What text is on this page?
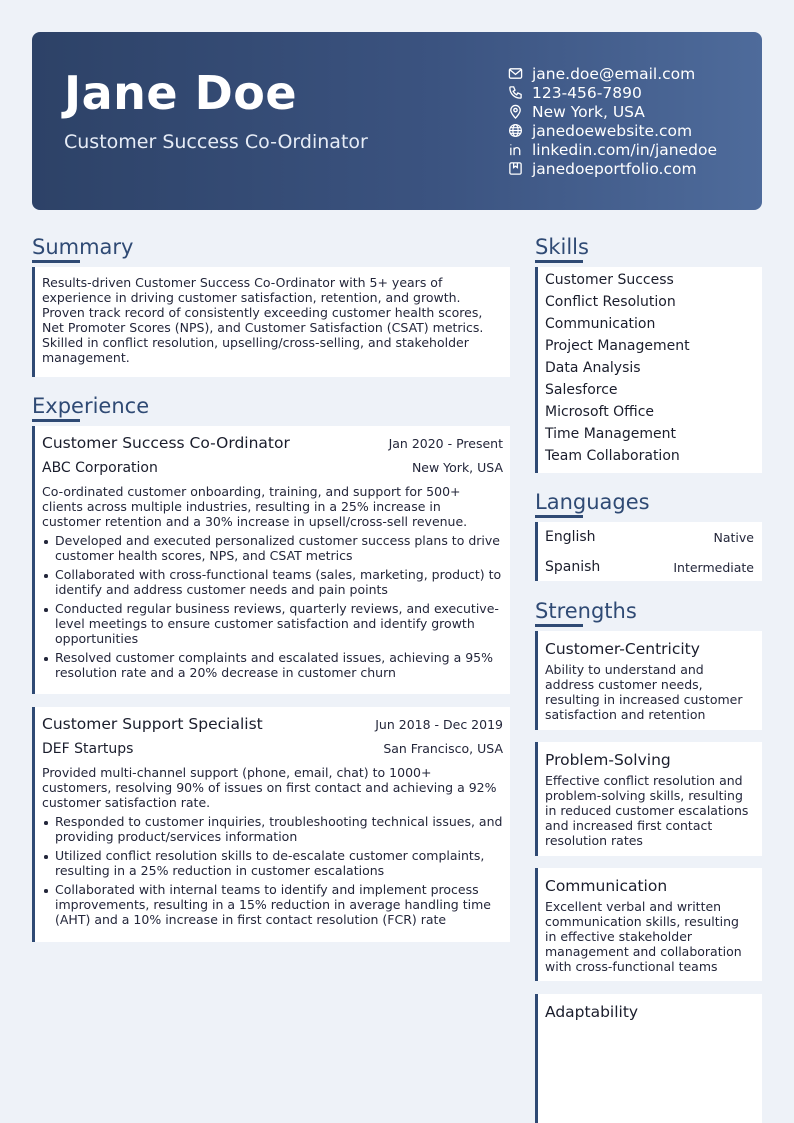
Jane Doe
Customer Success Co-Ordinator
jane.doe@email.com
123-456-7890
New York, USA
janedoewebsite.com
linkedin.com/in/janedoe
janedoeportfolio.com
Summary
Results-driven Customer Success Co-Ordinator with 5+ years of experience in driving customer satisfaction, retention, and growth. Proven track record of consistently exceeding customer health scores, Net Promoter Scores (NPS), and Customer Satisfaction (CSAT) metrics. Skilled in conflict resolution, upselling/cross-selling, and stakeholder management.
Experience
Customer Success Co-Ordinator	Jan 2020 - Present
ABC Corporation	New York, USA
Co-ordinated customer onboarding, training, and support for 500+ clients across multiple industries, resulting in a 25% increase in customer retention and a 30% increase in upsell/cross-sell revenue.
Developed and executed personalized customer success plans to drive customer health scores, NPS, and CSAT metrics
Collaborated with cross-functional teams (sales, marketing, product) to identify and address customer needs and pain points
Conducted regular business reviews, quarterly reviews, and executive-level meetings to ensure customer satisfaction and identify growth opportunities
Resolved customer complaints and escalated issues, achieving a 95% resolution rate and a 20% decrease in customer churn
Customer Support Specialist	Jun 2018 - Dec 2019
DEF Startups	San Francisco, USA
Provided multi-channel support (phone, email, chat) to 1000+ customers, resolving 90% of issues on first contact and achieving a 92% customer satisfaction rate.
Responded to customer inquiries, troubleshooting technical issues, and providing product/services information
Utilized conflict resolution skills to de-escalate customer complaints, resulting in a 25% reduction in customer escalations
Collaborated with internal teams to identify and implement process improvements, resulting in a 15% reduction in average handling time (AHT) and a 10% increase in first contact resolution (FCR) rate
Skills
Customer Success
Conflict Resolution
Communication
Project Management
Data Analysis
Salesforce
Microsoft Office
Time Management
Team Collaboration
Languages
English	Native
Spanish	Intermediate
Strengths
Customer-Centricity
Ability to understand and address customer needs, resulting in increased customer satisfaction and retention
Problem-Solving
Effective conflict resolution and problem-solving skills, resulting in reduced customer escalations and increased first contact resolution rates
Communication
Excellent verbal and written communication skills, resulting in effective stakeholder management and collaboration with cross-functional teams
Adaptability
